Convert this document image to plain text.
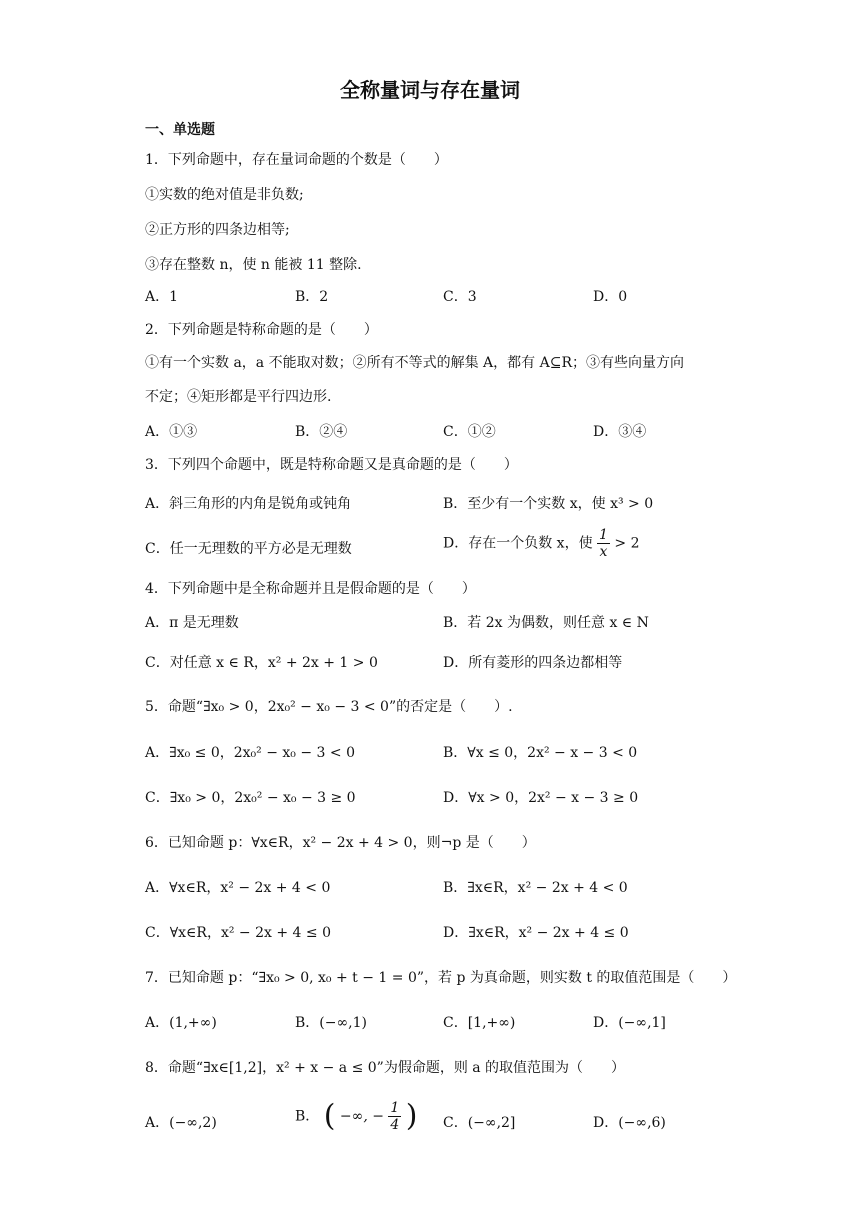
全称量词与存在量词
一、单选题
1．下列命题中，存在量词命题的个数是（　　）
①实数的绝对值是非负数;
②正方形的四条边相等;
③存在整数 n，使 n 能被 11 整除.
A．1	B．2	C．3	D．0
2．下列命题是特称命题的是（　　）
①有一个实数 a，a 不能取对数；②所有不等式的解集 A，都有 A⊆R；③有些向量方向
不定；④矩形都是平行四边形.
A．①③	B．②④	C．①②	D．③④
3．下列四个命题中，既是特称命题又是真命题的是（　　）
A．斜三角形的内角是锐角或钝角	B．至少有一个实数 x，使 x³ > 0
C．任一无理数的平方必是无理数	D．存在一个负数 x，使 $\frac{1}{x} > 2$
4．下列命题中是全称命题并且是假命题的是（　　）
A．π 是无理数	B．若 2x 为偶数，则任意 x ∈ N
C．对任意 x ∈ R，x² + 2x + 1 > 0	D．所有菱形的四条边都相等
5．命题“∃x₀ > 0，2x₀² − x₀ − 3 < 0”的否定是（　　）.
A．∃x₀ ≤ 0，2x₀² − x₀ − 3 < 0	B．∀x ≤ 0，2x² − x − 3 < 0
C．∃x₀ > 0，2x₀² − x₀ − 3 ≥ 0	D．∀x > 0，2x² − x − 3 ≥ 0
6．已知命题 p：∀x∈R，x² − 2x + 4 > 0，则¬p 是（　　）
A．∀x∈R，x² − 2x + 4 < 0	B．∃x∈R，x² − 2x + 4 < 0
C．∀x∈R，x² − 2x + 4 ≤ 0	D．∃x∈R，x² − 2x + 4 ≤ 0
7．已知命题 p：“∃x₀ > 0, x₀ + t − 1 = 0”，若 p 为真命题，则实数 t 的取值范围是（　　）
A．(1,+∞)	B．(−∞,1)	C．[1,+∞)	D．(−∞,1]
8．命题“∃x∈[1,2]，x² + x − a ≤ 0”为假命题，则 a 的取值范围为（　　）
A．(−∞,2)	B． ( −∞, − $\frac{1}{4}$ ) C．(−∞,2]	D．(−∞,6)
